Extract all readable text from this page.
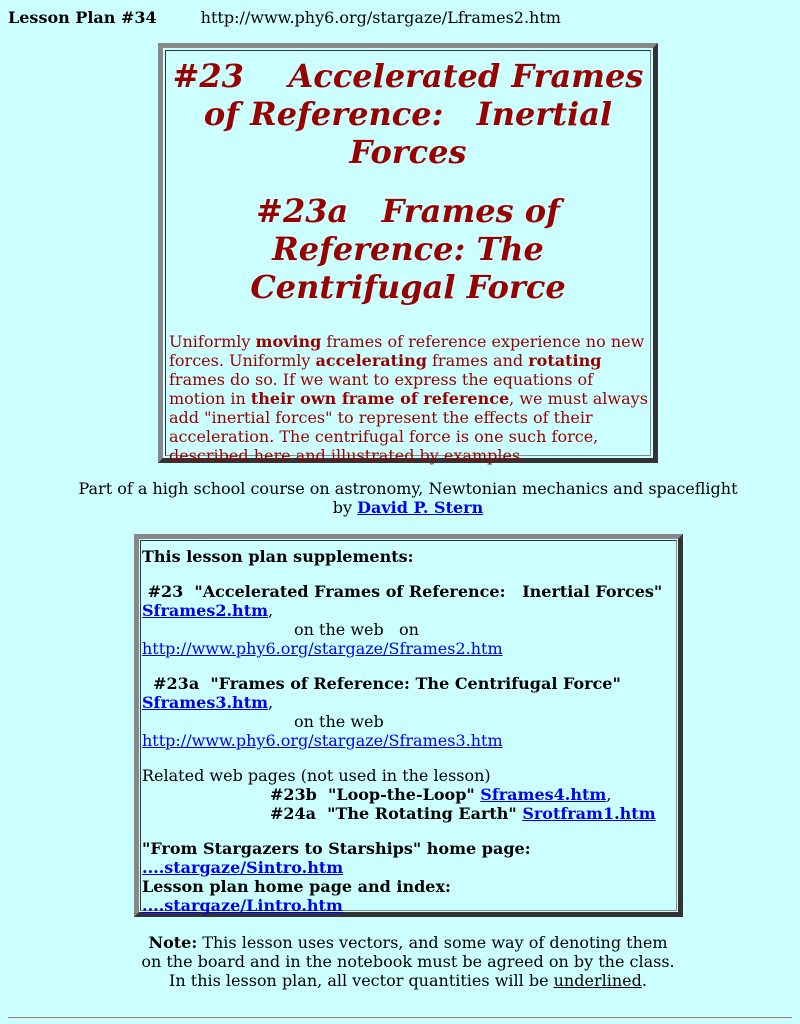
Lesson Plan #34	http://www.phy6.org/stargaze/Lframes2.htm
#23    Accelerated Frames of Reference:   Inertial Forces
#23a   Frames of Reference: The Centrifugal Force

Uniformly moving frames of reference experience no new forces. Uniformly accelerating frames and rotating frames do so. If we want to express the equations of motion in their own frame of reference, we must always add "inertial forces" to represent the effects of their acceleration. The centrifugal force is one such force, described here and illustrated by examples.

Part of a high school course on astronomy, Newtonian mechanics and spaceflight
by David P. Stern

This lesson plan supplements:

#23  "Accelerated Frames of Reference:   Inertial Forces"

Sframes2.htm,

on the web   on

http://www.phy6.org/stargaze/Sframes2.htm

#23a  "Frames of Reference: The Centrifugal Force"

Sframes3.htm,

on the web

http://www.phy6.org/stargaze/Sframes3.htm

Related web pages (not used in the lesson)

#23b  "Loop-the-Loop" Sframes4.htm,

#24a  "The Rotating Earth" Srotfram1.htm

"From Stargazers to Starships" home page:

....stargaze/Sintro.htm

Lesson plan home page and index:

....stargaze/Lintro.htm

Note: This lesson uses vectors, and some way of denoting them
on the board and in the notebook must be agreed on by the class.
In this lesson plan, all vector quantities will be underlined.
